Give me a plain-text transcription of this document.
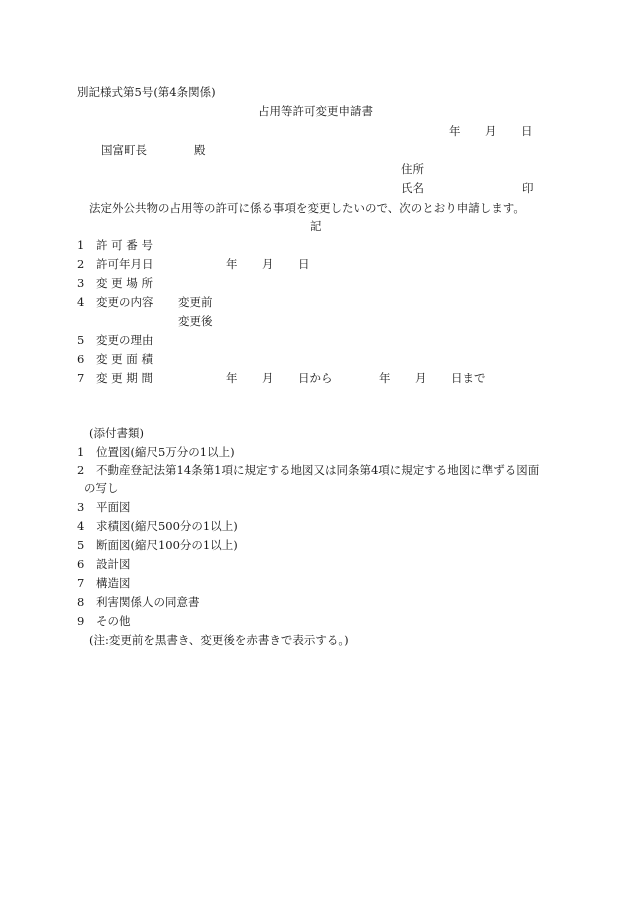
別記様式第5号(第4条関係)
占用等許可変更申請書
年 月 日
国富町長	殿
住所
氏名	印
法定外公共物の占用等の許可に係る事項を変更したいので、次のとおり申請します。
記
1 許 可 番 号
2 許可年月日	年 月 日
3 変 更 場 所
4 変更の内容 変更前
変更後
5 変更の理由
6 変 更 面 積
7 変 更 期 間	年 月 日から	年 月 日まで
(添付書類)
1 位置図(縮尺5万分の1以上)
2 不動産登記法第14条第1項に規定する地図又は同条第4項に規定する地図に準ずる図面
の写し
3 平面図
4 求積図(縮尺500分の1以上)
5 断面図(縮尺100分の1以上)
6 設計図
7 構造図
8 利害関係人の同意書
9 その他
(注:変更前を黒書き、変更後を赤書きで表示する。)
